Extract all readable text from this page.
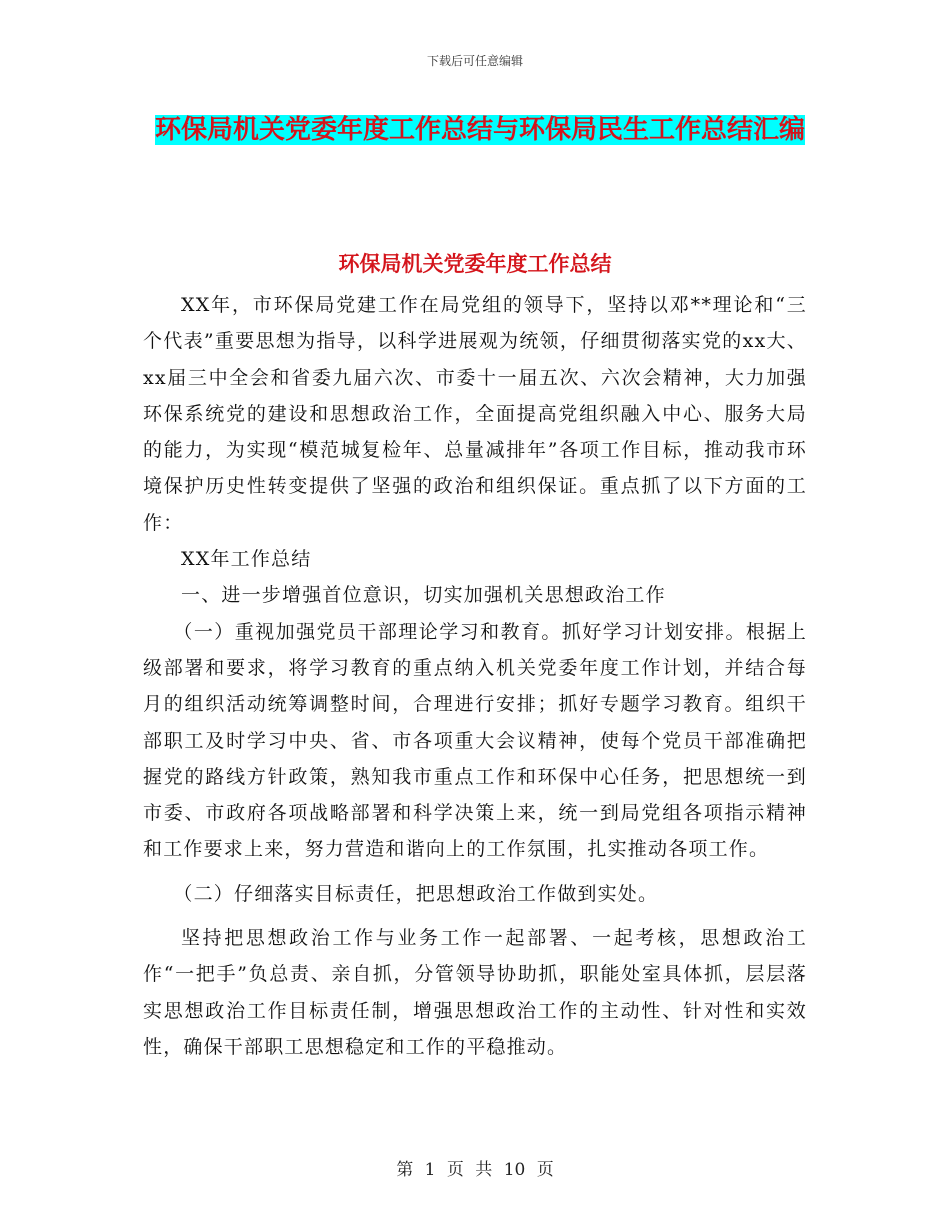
下载后可任意编辑
环保局机关党委年度工作总结与环保局民生工作总结汇编
环保局机关党委年度工作总结

XX年，市环保局党建工作在局党组的领导下，坚持以邓**理论和“三个代表”重要思想为指导，以科学进展观为统领，仔细贯彻落实党的xx大、xx届三中全会和省委九届六次、市委十一届五次、六次会精神，大力加强环保系统党的建设和思想政治工作，全面提高党组织融入中心、服务大局的能力，为实现“模范城复检年、总量减排年”各项工作目标，推动我市环境保护历史性转变提供了坚强的政治和组织保证。重点抓了以下方面的工作：

XX年工作总结

一、进一步增强首位意识，切实加强机关思想政治工作

（一）重视加强党员干部理论学习和教育。抓好学习计划安排。根据上级部署和要求，将学习教育的重点纳入机关党委年度工作计划，并结合每月的组织活动统筹调整时间，合理进行安排；抓好专题学习教育。组织干部职工及时学习中央、省、市各项重大会议精神，使每个党员干部准确把握党的路线方针政策，熟知我市重点工作和环保中心任务，把思想统一到市委、市政府各项战略部署和科学决策上来，统一到局党组各项指示精神和工作要求上来，努力营造和谐向上的工作氛围，扎实推动各项工作。

（二）仔细落实目标责任，把思想政治工作做到实处。

坚持把思想政治工作与业务工作一起部署、一起考核，思想政治工作“一把手”负总责、亲自抓，分管领导协助抓，职能处室具体抓，层层落实思想政治工作目标责任制，增强思想政治工作的主动性、针对性和实效性，确保干部职工思想稳定和工作的平稳推动。

第 1 页 共 10 页
